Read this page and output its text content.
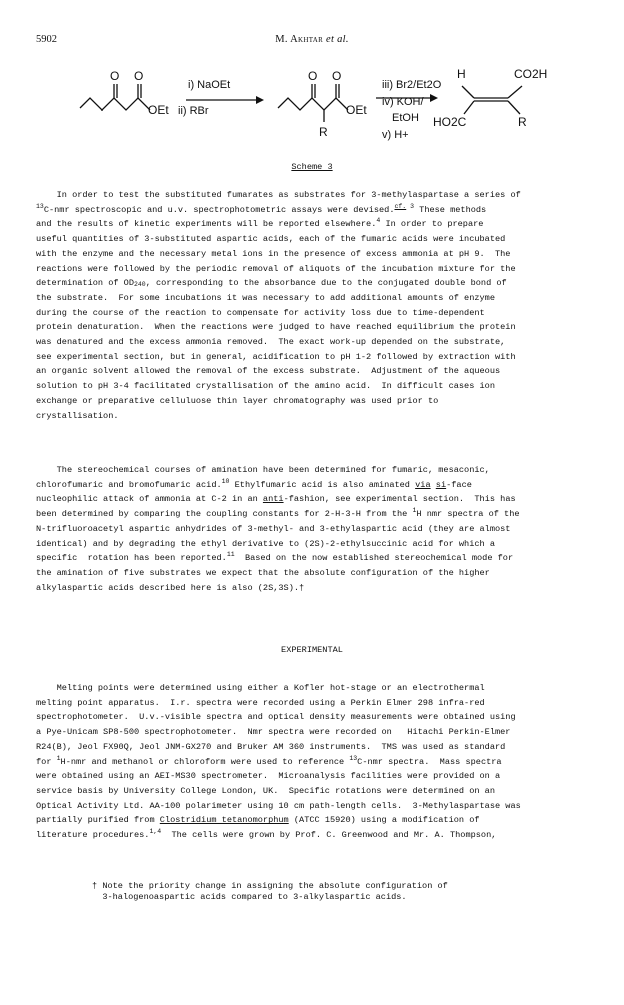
5902	M. Akhtar et al.
O O
OEt
i) NaOEt
ii) RBr
O O
OEt
R
iii) Br2/Et2O
iv) KOH/
EtOH
v) H+
H	CO2H
HO2C	R
Scheme 3
In order to test the substituted fumarates as substrates for 3-methylaspartase a series of
$^{13}$C-nmr spectroscopic and u.v. spectrophotometric assays were devised.$^{cf. 3}$ These methods
and the results of kinetic experiments will be reported elsewhere.$^4$ In order to prepare
useful quantities of 3-substituted aspartic acids, each of the fumaric acids were incubated
with the enzyme and the necessary metal ions in the presence of excess ammonia at pH 9.  The
reactions were followed by the periodic removal of aliquots of the incubation mixture for the
determination of $OD_{240}$, corresponding to the absorbance due to the conjugated double bond of
the substrate.  For some incubations it was necessary to add additional amounts of enzyme
during the course of the reaction to compensate for activity loss due to time-dependent
protein denaturation.  When the reactions were judged to have reached equilibrium the protein
was denatured and the excess ammonia removed.  The exact work-up depended on the substrate,
see experimental section, but in general, acidification to pH 1-2 followed by extraction with
an organic solvent allowed the removal of the excess substrate.  Adjustment of the aqueous
solution to pH 3-4 facilitated crystallisation of the amino acid.  In difficult cases ion
exchange or preparative celluluose thin layer chromatography was used prior to
crystallisation.
The stereochemical courses of amination have been determined for fumaric, mesaconic,
chlorofumaric and bromofumaric acid.$^{10}$ Ethylfumaric acid is also aminated via si-face
nucleophilic attack of ammonia at C-2 in an anti-fashion, see experimental section.  This has
been determined by comparing the coupling constants for 2-H-3-H from the $^1$H nmr spectra of the
N-trifluoroacetyl aspartic anhydrides of 3-methyl- and 3-ethylaspartic acid (they are almost
identical) and by degrading the ethyl derivative to (2S)-2-ethylsuccinic acid for which a
specific  rotation has been reported.$^{11}$  Based on the now established stereochemical mode for
the amination of five substrates we expect that the absolute configuration of the higher
alkylaspartic acids described here is also (2S,3S).†
EXPERIMENTAL
Melting points were determined using either a Kofler hot-stage or an electrothermal
melting point apparatus.  I.r. spectra were recorded using a Perkin Elmer 298 infra-red
spectrophotometer.  U.v.-visible spectra and optical density measurements were obtained using
a Pye-Unicam SP8-500 spectrophotometer.  Nmr spectra were recorded on   Hitachi Perkin-Elmer
R24(B), Jeol FX90Q, Jeol JNM-GX270 and Bruker AM 360 instruments.  TMS was used as standard
for $^1$H-nmr and methanol or chloroform were used to reference $^{13}$C-nmr spectra.  Mass spectra
were obtained using an AEI-MS30 spectrometer.  Microanalysis facilities were provided on a
service basis by University College London, UK.  Specific rotations were determined on an
Optical Activity Ltd. AA-100 polarimeter using 10 cm path-length cells.  3-Methylaspartase was
partially purified from Clostridium tetanomorphum (ATCC 15920) using a modification of
literature procedures.$^{1,4}$  The cells were grown by Prof. C. Greenwood and Mr. A. Thompson,
† Note the priority change in assigning the absolute configuration of
3-halogenoaspartic acids compared to 3-alkylaspartic acids.
